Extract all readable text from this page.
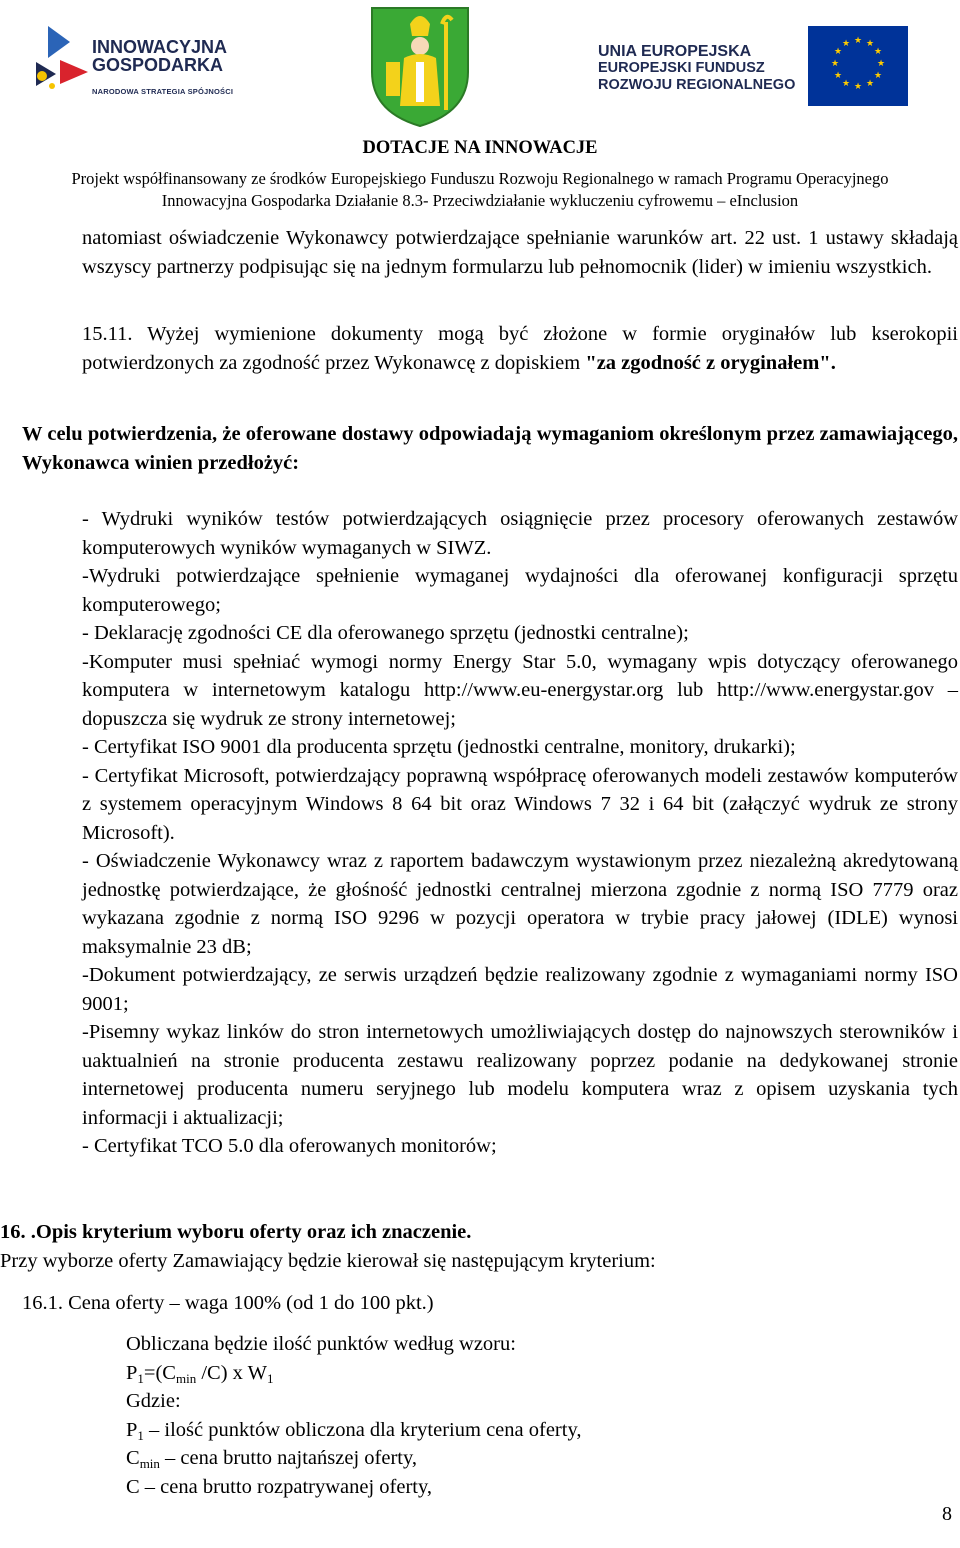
INNOWACYJNA
GOSPODARKA
NARODOWA STRATEGIA SPÓJNOŚCI
UNIA EUROPEJSKA
EUROPEJSKI FUNDUSZ
ROZWOJU REGIONALNEGO
★ ★
★
★
★
★
★
★
★
★
★
★
DOTACJE NA INNOWACJE
Projekt współfinansowany ze środków Europejskiego Funduszu Rozwoju Regionalnego w ramach Programu Operacyjnego
Innowacyjna Gospodarka Działanie 8.3- Przeciwdziałanie wykluczeniu cyfrowemu – eInclusion
natomiast oświadczenie Wykonawcy potwierdzające spełnianie warunków art. 22 ust. 1 ustawy składają wszyscy partnerzy podpisując się na jednym formularzu lub pełnomocnik (lider) w imieniu wszystkich.
15.11. Wyżej wymienione dokumenty mogą być złożone w formie oryginałów lub kserokopii potwierdzonych za zgodność przez Wykonawcę z dopiskiem "za zgodność z oryginałem".
W celu potwierdzenia, że oferowane dostawy odpowiadają wymaganiom określonym przez zamawiającego, Wykonawca winien przedłożyć:

- Wydruki wyników testów potwierdzających osiągnięcie przez procesory oferowanych zestawów komputerowych wyników wymaganych w SIWZ.

-Wydruki potwierdzające spełnienie wymaganej wydajności dla oferowanej konfiguracji sprzętu komputerowego;

- Deklarację zgodności CE dla oferowanego sprzętu (jednostki centralne);

-Komputer musi spełniać wymogi normy Energy Star 5.0, wymagany wpis dotyczący oferowanego komputera w internetowym katalogu http://www.eu-energystar.org lub http://www.energystar.gov – dopuszcza się wydruk ze strony internetowej;

- Certyfikat ISO 9001 dla producenta sprzętu (jednostki centralne, monitory, drukarki);

- Certyfikat Microsoft, potwierdzający poprawną współpracę oferowanych modeli zestawów komputerów z systemem operacyjnym Windows 8 64 bit oraz Windows 7 32 i 64 bit (załączyć wydruk ze strony Microsoft).

- Oświadczenie Wykonawcy wraz z raportem badawczym wystawionym przez niezależną akredytowaną jednostkę potwierdzające, że głośność jednostki centralnej mierzona zgodnie z normą ISO 7779 oraz wykazana zgodnie z normą ISO 9296 w pozycji operatora w trybie pracy jałowej (IDLE) wynosi maksymalnie 23 dB;

-Dokument potwierdzający, ze serwis urządzeń będzie realizowany zgodnie z wymaganiami normy ISO 9001;

-Pisemny wykaz linków do stron internetowych umożliwiających dostęp do najnowszych sterowników i uaktualnień na stronie producenta zestawu realizowany poprzez podanie na dedykowanej stronie internetowej producenta numeru seryjnego lub modelu komputera wraz z opisem uzyskania tych informacji i aktualizacji;

- Certyfikat TCO 5.0 dla oferowanych monitorów;

16. .Opis kryterium wyboru oferty oraz ich znaczenie.
Przy wyborze oferty Zamawiający będzie kierował się następującym kryterium:
16.1. Cena oferty – waga 100% (od 1 do 100 pkt.)

Obliczana będzie ilość punktów według wzoru:

$P_1=(C_{min}$ /C) x $W_1$

Gdzie:

$P_1$ – ilość punktów obliczona dla kryterium cena oferty,

$C_{min}$ – cena brutto najtańszej oferty,

C – cena brutto rozpatrywanej oferty,

8
